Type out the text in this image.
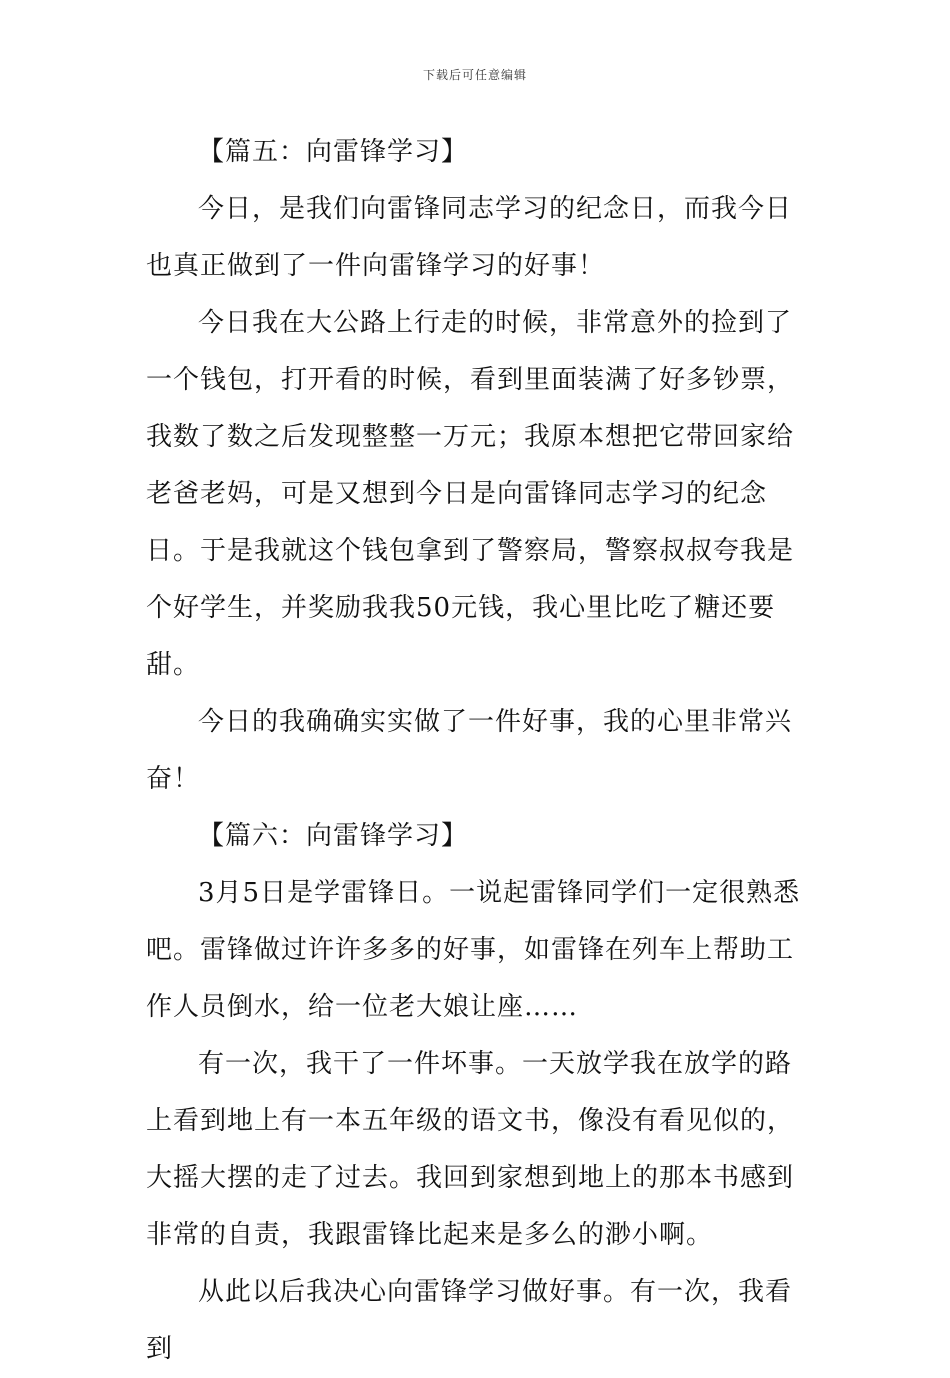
下载后可任意编辑

【篇五：向雷锋学习】

今日，是我们向雷锋同志学习的纪念日，而我今日也真正做到了一件向雷锋学习的好事！

今日我在大公路上行走的时候，非常意外的捡到了一个钱包，打开看的时候，看到里面装满了好多钞票，我数了数之后发现整整一万元；我原本想把它带回家给老爸老妈，可是又想到今日是向雷锋同志学习的纪念日。于是我就这个钱包拿到了警察局，警察叔叔夸我是个好学生，并奖励我我50元钱，我心里比吃了糖还要甜。

今日的我确确实实做了一件好事，我的心里非常兴奋！

【篇六：向雷锋学习】

3月5日是学雷锋日。一说起雷锋同学们一定很熟悉吧。雷锋做过许许多多的好事，如雷锋在列车上帮助工作人员倒水，给一位老大娘让座……

有一次，我干了一件坏事。一天放学我在放学的路上看到地上有一本五年级的语文书，像没有看见似的，大摇大摆的走了过去。我回到家想到地上的那本书感到非常的自责，我跟雷锋比起来是多么的渺小啊。

从此以后我决心向雷锋学习做好事。有一次，我看到
